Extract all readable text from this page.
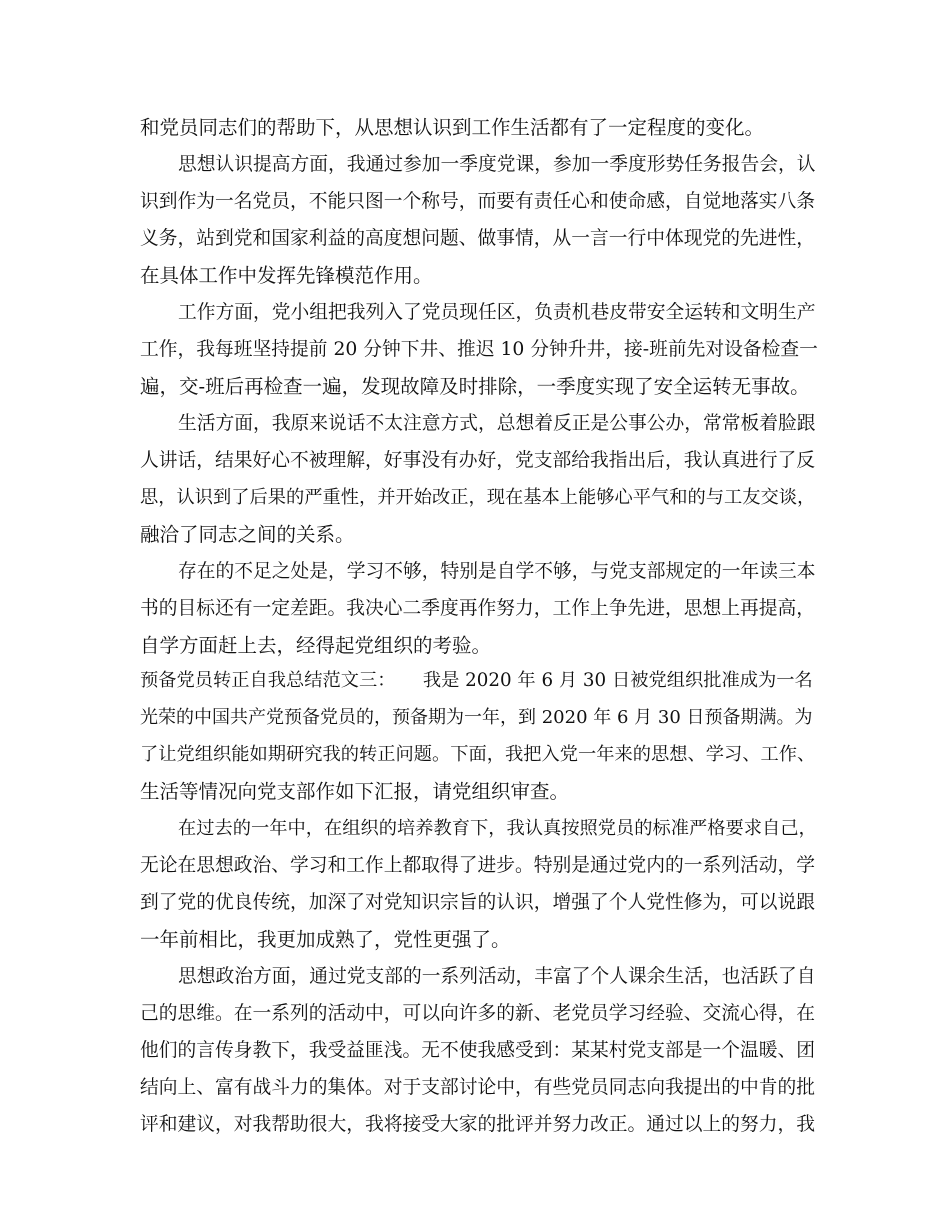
和党员同志们的帮助下，从思想认识到工作生活都有了一定程度的变化。
思想认识提高方面，我通过参加一季度党课，参加一季度形势任务报告会，认
识到作为一名党员，不能只图一个称号，而要有责任心和使命感，自觉地落实八条
义务，站到党和国家利益的高度想问题、做事情，从一言一行中体现党的先进性，
在具体工作中发挥先锋模范作用。
工作方面，党小组把我列入了党员现任区，负责机巷皮带安全运转和文明生产
工作，我每班坚持提前 20 分钟下井、推迟 10 分钟升井，接-班前先对设备检查一
遍，交-班后再检查一遍，发现故障及时排除，一季度实现了安全运转无事故。
生活方面，我原来说话不太注意方式，总想着反正是公事公办，常常板着脸跟
人讲话，结果好心不被理解，好事没有办好，党支部给我指出后，我认真进行了反
思，认识到了后果的严重性，并开始改正，现在基本上能够心平气和的与工友交谈，
融洽了同志之间的关系。
存在的不足之处是，学习不够，特别是自学不够，与党支部规定的一年读三本
书的目标还有一定差距。我决心二季度再作努力，工作上争先进，思想上再提高，
自学方面赶上去，经得起党组织的考验。
预备党员转正自我总结范文三：　　我是 2020 年 6 月 30 日被党组织批准成为一名
光荣的中国共产党预备党员的，预备期为一年，到 2020 年 6 月 30 日预备期满。为
了让党组织能如期研究我的转正问题。下面，我把入党一年来的思想、学习、工作、
生活等情况向党支部作如下汇报，请党组织审查。
在过去的一年中，在组织的培养教育下，我认真按照党员的标准严格要求自己，
无论在思想政治、学习和工作上都取得了进步。特别是通过党内的一系列活动，学
到了党的优良传统，加深了对党知识宗旨的认识，增强了个人党性修为，可以说跟
一年前相比，我更加成熟了，党性更强了。
思想政治方面，通过党支部的一系列活动，丰富了个人课余生活，也活跃了自
己的思维。在一系列的活动中，可以向许多的新、老党员学习经验、交流心得，在
他们的言传身教下，我受益匪浅。无不使我感受到：某某村党支部是一个温暖、团
结向上、富有战斗力的集体。对于支部讨论中，有些党员同志向我提出的中肯的批
评和建议，对我帮助很大，我将接受大家的批评并努力改正。通过以上的努力，我
